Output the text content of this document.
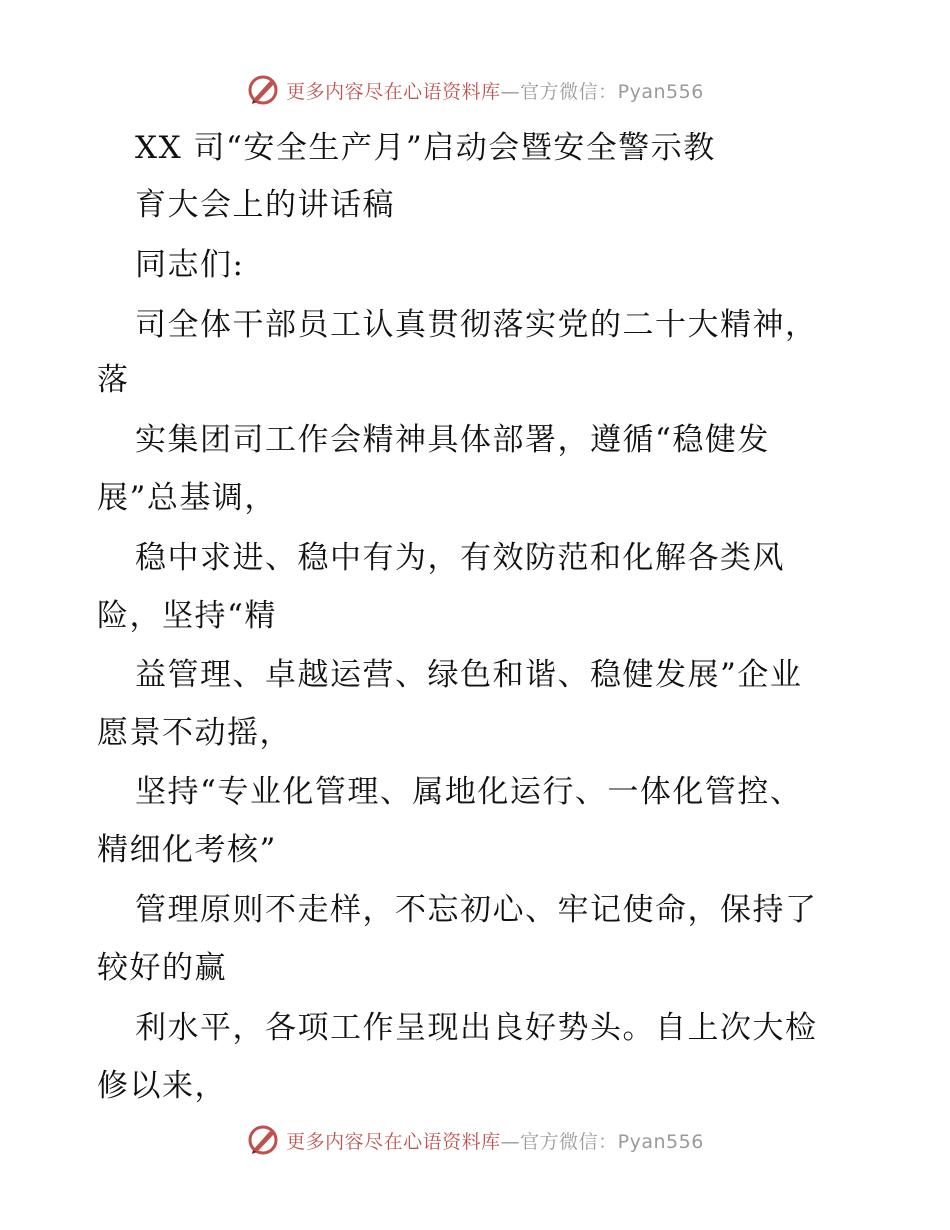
更多内容尽在心语资料库—官方微信：Pyan556
XX 司“安全生产月”启动会暨安全警示教
育大会上的讲话稿
同志们:
司全体干部员工认真贯彻落实党的二十大精神，
落
实集团司工作会精神具体部署，遵循“稳健发
展”总基调，
稳中求进、稳中有为，有效防范和化解各类风
险，坚持“精
益管理、卓越运营、绿色和谐、稳健发展”企业
愿景不动摇，
坚持“专业化管理、属地化运行、一体化管控、
精细化考核”
管理原则不走样，不忘初心、牢记使命，保持了
较好的赢
利水平，各项工作呈现出良好势头。自上次大检
修以来，
更多内容尽在心语资料库—官方微信：Pyan556
